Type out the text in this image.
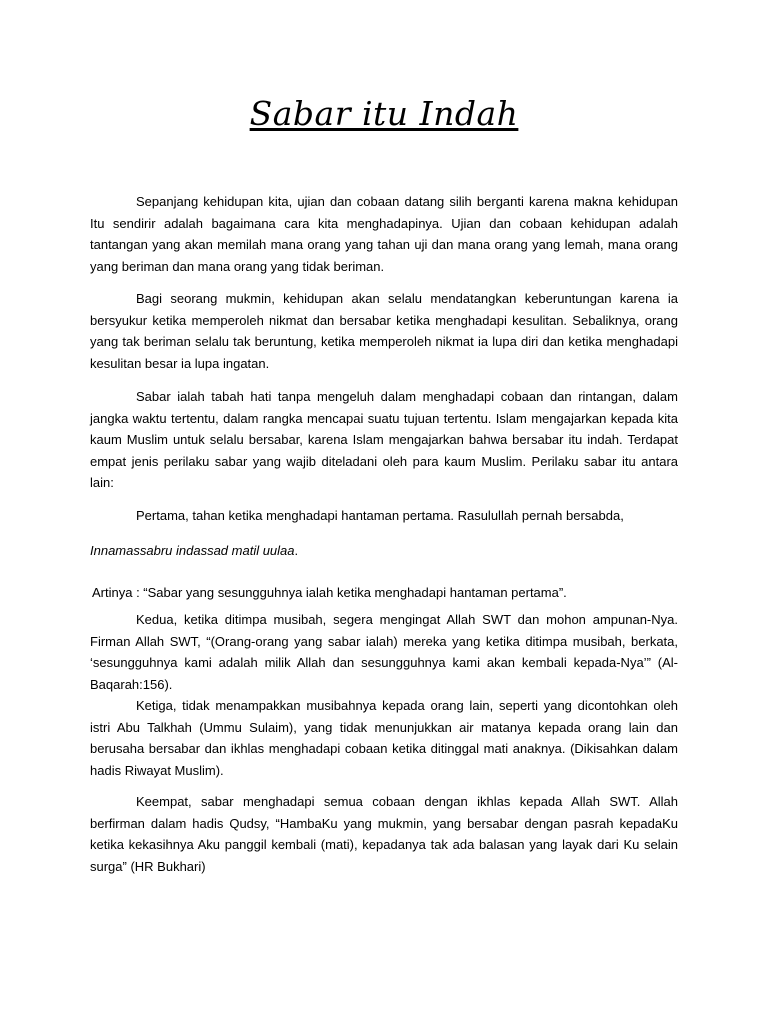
Sabar itu Indah

Sepanjang kehidupan kita, ujian dan cobaan datang silih berganti karena makna kehidupan Itu sendirir adalah bagaimana cara kita menghadapinya. Ujian dan cobaan kehidupan adalah tantangan yang akan memilah mana orang yang tahan uji dan mana orang yang lemah, mana orang yang beriman dan mana orang yang tidak beriman.

Bagi seorang mukmin, kehidupan akan selalu mendatangkan keberuntungan karena ia bersyukur ketika memperoleh nikmat dan bersabar ketika menghadapi kesulitan. Sebaliknya, orang yang tak beriman selalu tak beruntung, ketika memperoleh nikmat ia lupa diri dan ketika menghadapi kesulitan besar ia lupa ingatan.

Sabar ialah tabah hati tanpa mengeluh dalam menghadapi cobaan dan rintangan, dalam jangka waktu tertentu, dalam rangka mencapai suatu tujuan tertentu. Islam mengajarkan kepada kita kaum Muslim untuk selalu bersabar, karena Islam mengajarkan bahwa bersabar itu indah. Terdapat empat jenis perilaku sabar yang wajib diteladani oleh para kaum Muslim. Perilaku sabar itu antara lain:

Pertama, tahan ketika menghadapi hantaman pertama. Rasulullah pernah bersabda,

Innamassabru indassad matil uulaa.

Artinya : “Sabar yang sesungguhnya ialah ketika menghadapi hantaman pertama”.

Kedua, ketika ditimpa musibah, segera mengingat Allah SWT dan mohon ampunan-Nya. Firman Allah SWT, “(Orang-orang yang sabar ialah) mereka yang ketika ditimpa musibah, berkata, ‘sesungguhnya kami adalah milik Allah dan sesungguhnya kami akan kembali kepada-Nya’” (Al-Baqarah:156).

Ketiga, tidak menampakkan musibahnya kepada orang lain, seperti yang dicontohkan oleh istri Abu Talkhah (Ummu Sulaim), yang tidak menunjukkan air matanya kepada orang lain dan berusaha bersabar dan ikhlas menghadapi cobaan ketika ditinggal mati anaknya. (Dikisahkan dalam hadis Riwayat Muslim).

Keempat, sabar menghadapi semua cobaan dengan ikhlas kepada Allah SWT. Allah berfirman dalam hadis Qudsy, “HambaKu yang mukmin, yang bersabar dengan pasrah kepadaKu ketika kekasihnya Aku panggil kembali (mati), kepadanya tak ada balasan yang layak dari Ku selain surga” (HR Bukhari)
